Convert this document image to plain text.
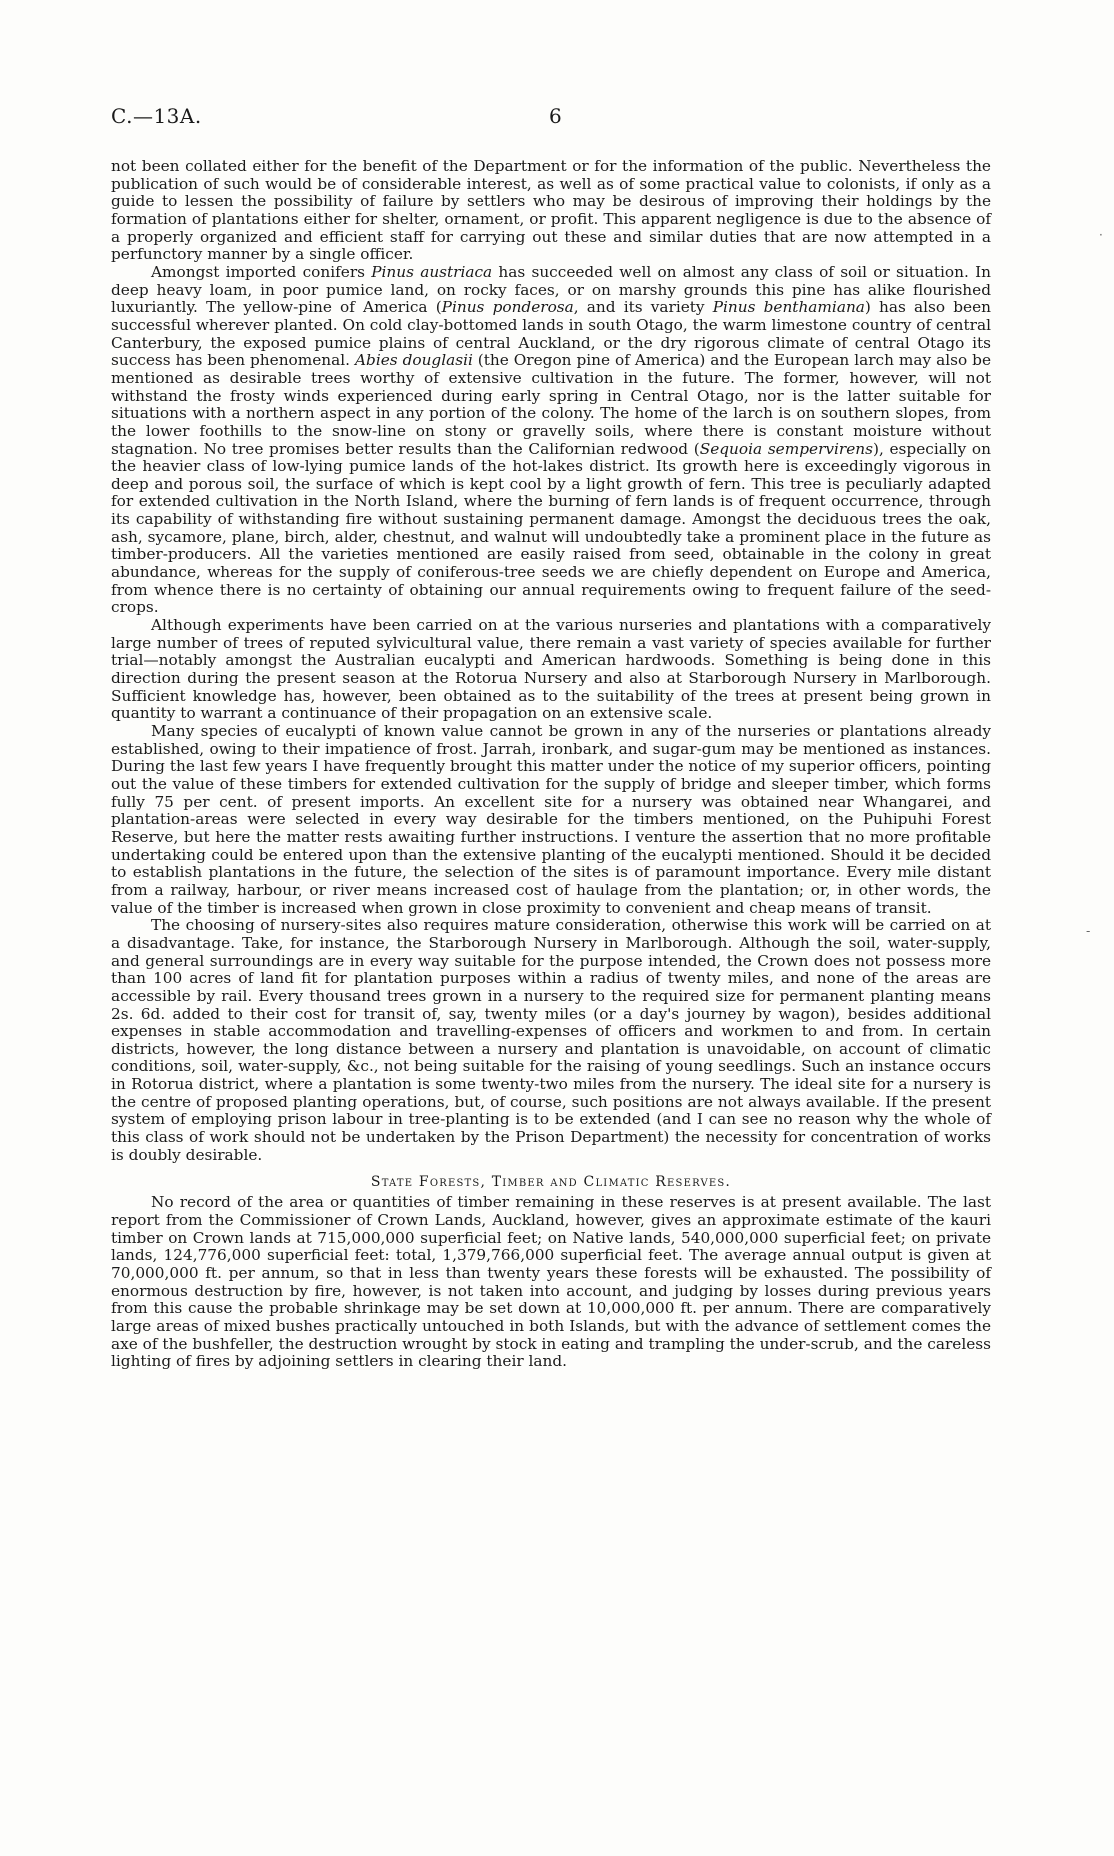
C.—13A.	6

not been collated either for the benefit of the Department or for the information of the public. Nevertheless the publication of such would be of considerable interest, as well as of some practical value to colonists, if only as a guide to lessen the possibility of failure by settlers who may be desirous of improving their holdings by the formation of plantations either for shelter, ornament, or profit. This apparent negligence is due to the absence of a properly organized and efficient staff for carrying out these and similar duties that are now attempted in a perfunctory manner by a single officer.

Amongst imported conifers Pinus austriaca has succeeded well on almost any class of soil or situation. In deep heavy loam, in poor pumice land, on rocky faces, or on marshy grounds this pine has alike flourished luxuriantly. The yellow-pine of America (Pinus ponderosa, and its variety Pinus benthamiana) has also been successful wherever planted. On cold clay-bottomed lands in south Otago, the warm limestone country of central Canterbury, the exposed pumice plains of central Auckland, or the dry rigorous climate of central Otago its success has been phenomenal. Abies douglasii (the Oregon pine of America) and the European larch may also be mentioned as desirable trees worthy of extensive cultivation in the future. The former, however, will not withstand the frosty winds experienced during early spring in Central Otago, nor is the latter suitable for situations with a northern aspect in any portion of the colony. The home of the larch is on southern slopes, from the lower foothills to the snow-line on stony or gravelly soils, where there is constant moisture without stagnation. No tree promises better results than the Californian redwood (Sequoia sempervirens), especially on the heavier class of low-lying pumice lands of the hot-lakes district. Its growth here is exceedingly vigorous in deep and porous soil, the surface of which is kept cool by a light growth of fern. This tree is peculiarly adapted for extended cultivation in the North Island, where the burning of fern lands is of frequent occurrence, through its capability of withstanding fire without sustaining permanent damage. Amongst the deciduous trees the oak, ash, sycamore, plane, birch, alder, chestnut, and walnut will undoubtedly take a prominent place in the future as timber-producers. All the varieties mentioned are easily raised from seed, obtainable in the colony in great abundance, whereas for the supply of coniferous-tree seeds we are chiefly dependent on Europe and America, from whence there is no certainty of obtaining our annual requirements owing to frequent failure of the seed-crops.

Although experiments have been carried on at the various nurseries and plantations with a comparatively large number of trees of reputed sylvicultural value, there remain a vast variety of species available for further trial—notably amongst the Australian eucalypti and American hardwoods. Something is being done in this direction during the present season at the Rotorua Nursery and also at Starborough Nursery in Marlborough. Sufficient knowledge has, however, been obtained as to the suitability of the trees at present being grown in quantity to warrant a continuance of their propagation on an extensive scale.

Many species of eucalypti of known value cannot be grown in any of the nurseries or plantations already established, owing to their impatience of frost. Jarrah, ironbark, and sugar-gum may be mentioned as instances. During the last few years I have frequently brought this matter under the notice of my superior officers, pointing out the value of these timbers for extended cultivation for the supply of bridge and sleeper timber, which forms fully 75 per cent. of present imports. An excellent site for a nursery was obtained near Whangarei, and plantation-areas were selected in every way desirable for the timbers mentioned, on the Puhipuhi Forest Reserve, but here the matter rests awaiting further instructions. I venture the assertion that no more profitable undertaking could be entered upon than the extensive planting of the eucalypti mentioned. Should it be decided to establish plantations in the future, the selection of the sites is of paramount importance. Every mile distant from a railway, harbour, or river means increased cost of haulage from the plantation; or, in other words, the value of the timber is increased when grown in close proximity to convenient and cheap means of transit.

The choosing of nursery-sites also requires mature consideration, otherwise this work will be carried on at a disadvantage. Take, for instance, the Starborough Nursery in Marlborough. Although the soil, water-supply, and general surroundings are in every way suitable for the purpose intended, the Crown does not possess more than 100 acres of land fit for plantation purposes within a radius of twenty miles, and none of the areas are accessible by rail. Every thousand trees grown in a nursery to the required size for permanent planting means 2s. 6d. added to their cost for transit of, say, twenty miles (or a day's journey by wagon), besides additional expenses in stable accommodation and travelling-expenses of officers and workmen to and from. In certain districts, however, the long distance between a nursery and plantation is unavoidable, on account of climatic conditions, soil, water-supply, &c., not being suitable for the raising of young seedlings. Such an instance occurs in Rotorua district, where a plantation is some twenty-two miles from the nursery. The ideal site for a nursery is the centre of proposed planting operations, but, of course, such positions are not always available. If the present system of employing prison labour in tree-planting is to be extended (and I can see no reason why the whole of this class of work should not be undertaken by the Prison Department) the necessity for concentration of works is doubly desirable.

State Forests, Timber and Climatic Reserves.

No record of the area or quantities of timber remaining in these reserves is at present available. The last report from the Commissioner of Crown Lands, Auckland, however, gives an approximate estimate of the kauri timber on Crown lands at 715,000,000 superficial feet; on Native lands, 540,000,000 superficial feet; on private lands, 124,776,000 superficial feet: total, 1,379,766,000 superficial feet. The average annual output is given at 70,000,000 ft. per annum, so that in less than twenty years these forests will be exhausted. The possibility of enormous destruction by fire, however, is not taken into account, and judging by losses during previous years from this cause the probable shrinkage may be set down at 10,000,000 ft. per annum. There are comparatively large areas of mixed bushes practically untouched in both Islands, but with the advance of settlement comes the axe of the bushfeller, the destruction wrought by stock in eating and trampling the under-scrub, and the careless lighting of fires by adjoining settlers in clearing their land.

·
-
